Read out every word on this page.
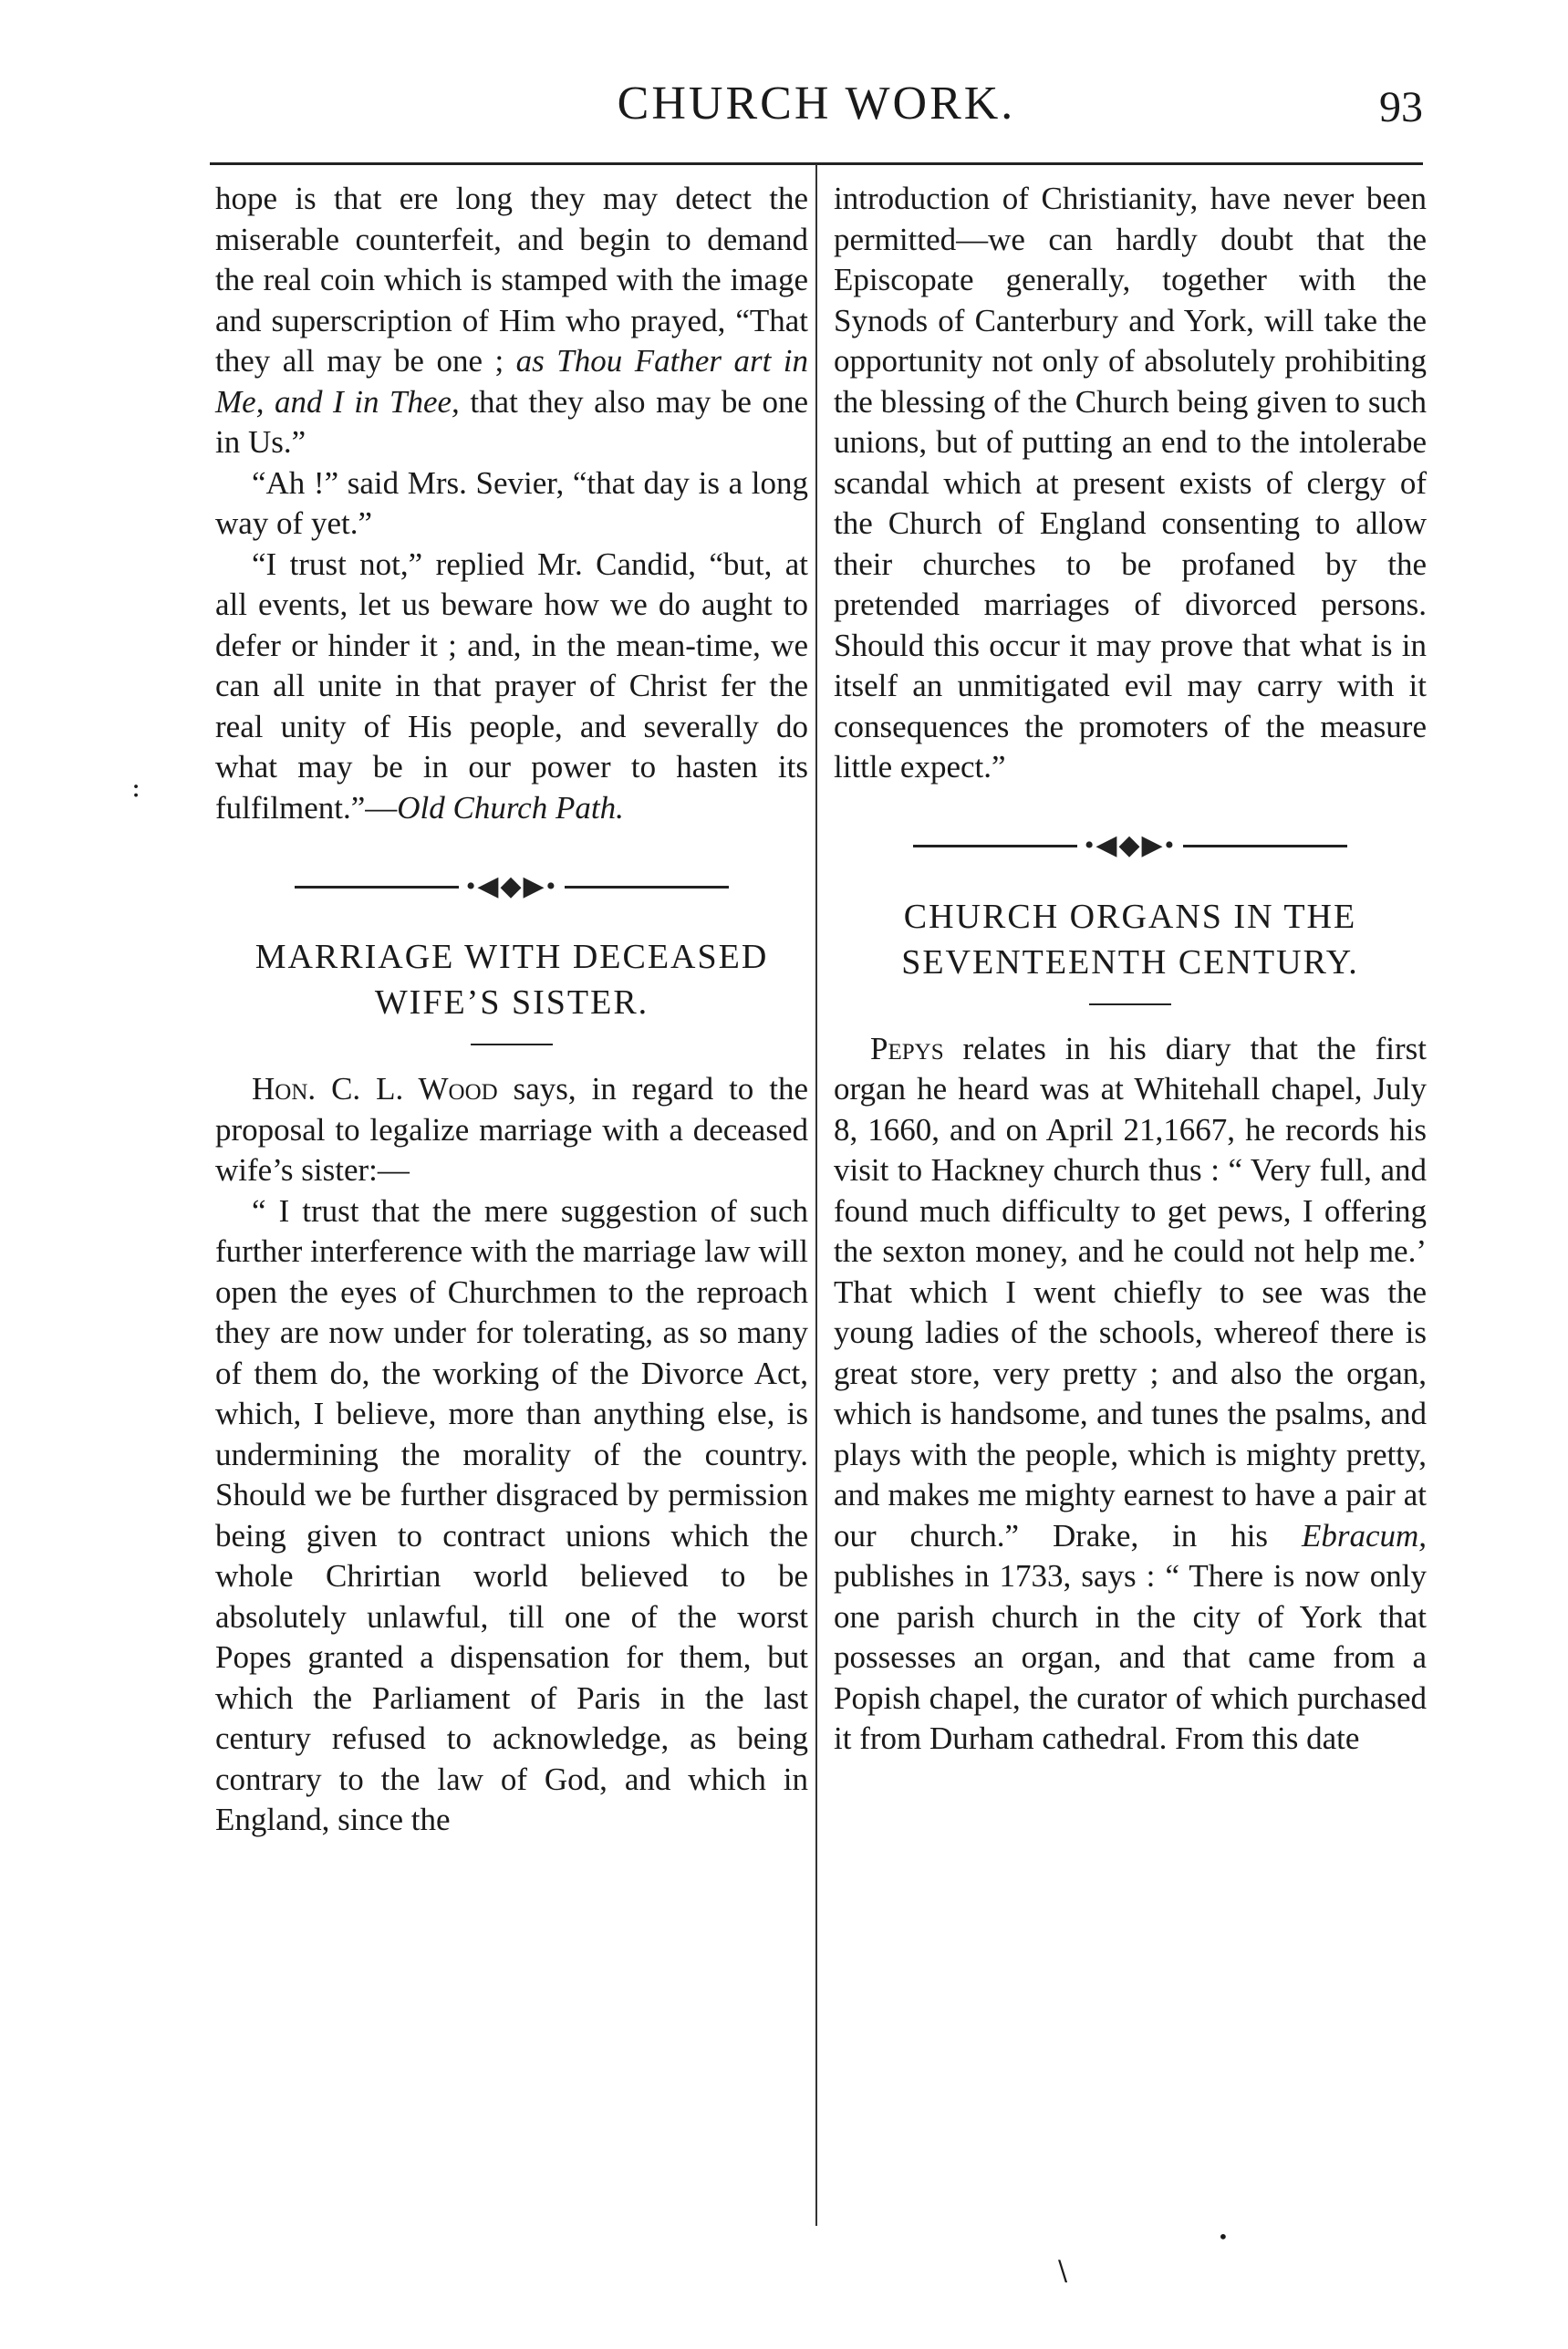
CHURCH WORK.	93
:

hope is that ere long they may detect the miserable counterfeit, and begin to demand the real coin which is stamped with the image and superscription of Him who prayed, “That they all may be one ; as Thou Father art in Me, and I in Thee, that they also may be one in Us.”

“Ah !” said Mrs. Sevier, “that day is a long way of yet.”

“I trust not,” replied Mr. Candid, “but, at all events, let us beware how we do aught to defer or hinder it ; and, in the mean-time, we can all unite in that prayer of Christ fer the real unity of His people, and severally do what may be in our power to hasten its fulfilment.”—Old Church Path.

•◀◆▶•
MARRIAGE WITH DECEASED
WIFE’S SISTER.

Hon. C. L. Wood says, in regard to the proposal to legalize marriage with a deceased wife’s sister:—

“ I trust that the mere suggestion of such further interference with the marriage law will open the eyes of Churchmen to the reproach they are now under for tolerating, as so many of them do, the working of the Divorce Act, which, I believe, more than anything else, is undermining the morality of the country. Should we be further disgraced by permission being given to contract unions which the whole Chrirtian world believed to be absolutely unlawful, till one of the worst Popes granted a dispensation for them, but which the Parliament of Paris in the last century refused to acknowledge, as being contrary to the law of God, and which in England, since the

introduction of Christianity, have never been permitted—we can hardly doubt that the Episcopate generally, together with the Synods of Canterbury and York, will take the opportunity not only of absolutely prohibiting the blessing of the Church being given to such unions, but of putting an end to the intolerabe scandal which at present exists of clergy of the Church of England consenting to allow their churches to be profaned by the pretended marriages of divorced persons. Should this occur it may prove that what is in itself an unmitigated evil may carry with it consequences the promoters of the measure little expect.”

•◀◆▶•
CHURCH ORGANS IN THE
SEVENTEENTH CENTURY.

Pepys relates in his diary that the first organ he heard was at Whitehall chapel, July 8, 1660, and on April 21,1667, he records his visit to Hackney church thus : “ Very full, and found much difficulty to get pews, I offering the sexton money, and he could not help me.’ That which I went chiefly to see was the young ladies of the schools, whereof there is great store, very pretty ; and also the organ, which is handsome, and tunes the psalms, and plays with the people, which is mighty pretty, and makes me mighty earnest to have a pair at our church.” Drake, in his Ebracum, publishes in 1733, says : “ There is now only one parish church in the city of York that possesses an organ, and that came from a Popish chapel, the curator of which purchased it from Durham cathedral. From this date

•
\
